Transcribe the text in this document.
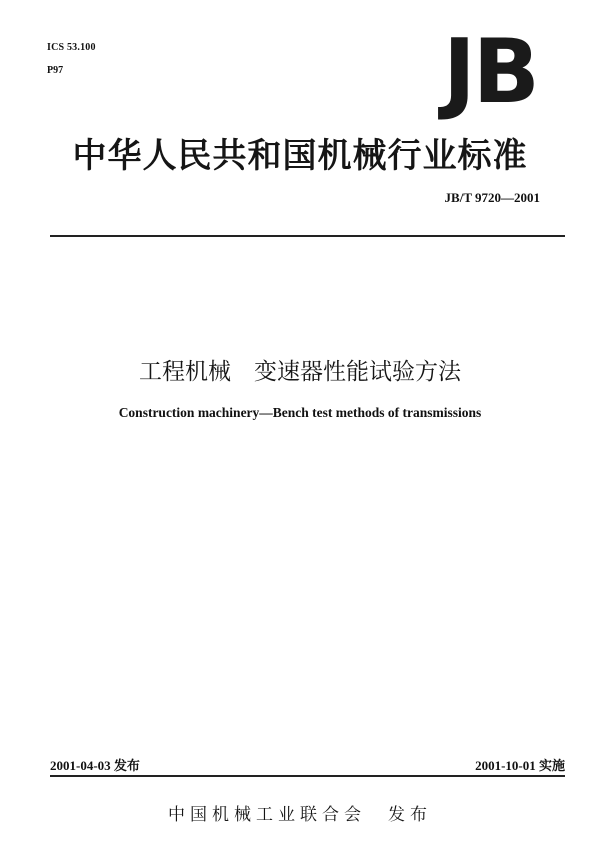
ICS 53.100
P97	JB
中华人民共和国机械行业标准
JB/T 9720—2001
工程机械　变速器性能试验方法
Construction machinery—Bench test methods of transmissions
2001-04-03 发布	2001-10-01 实施
中国机械工业联合会　发布
